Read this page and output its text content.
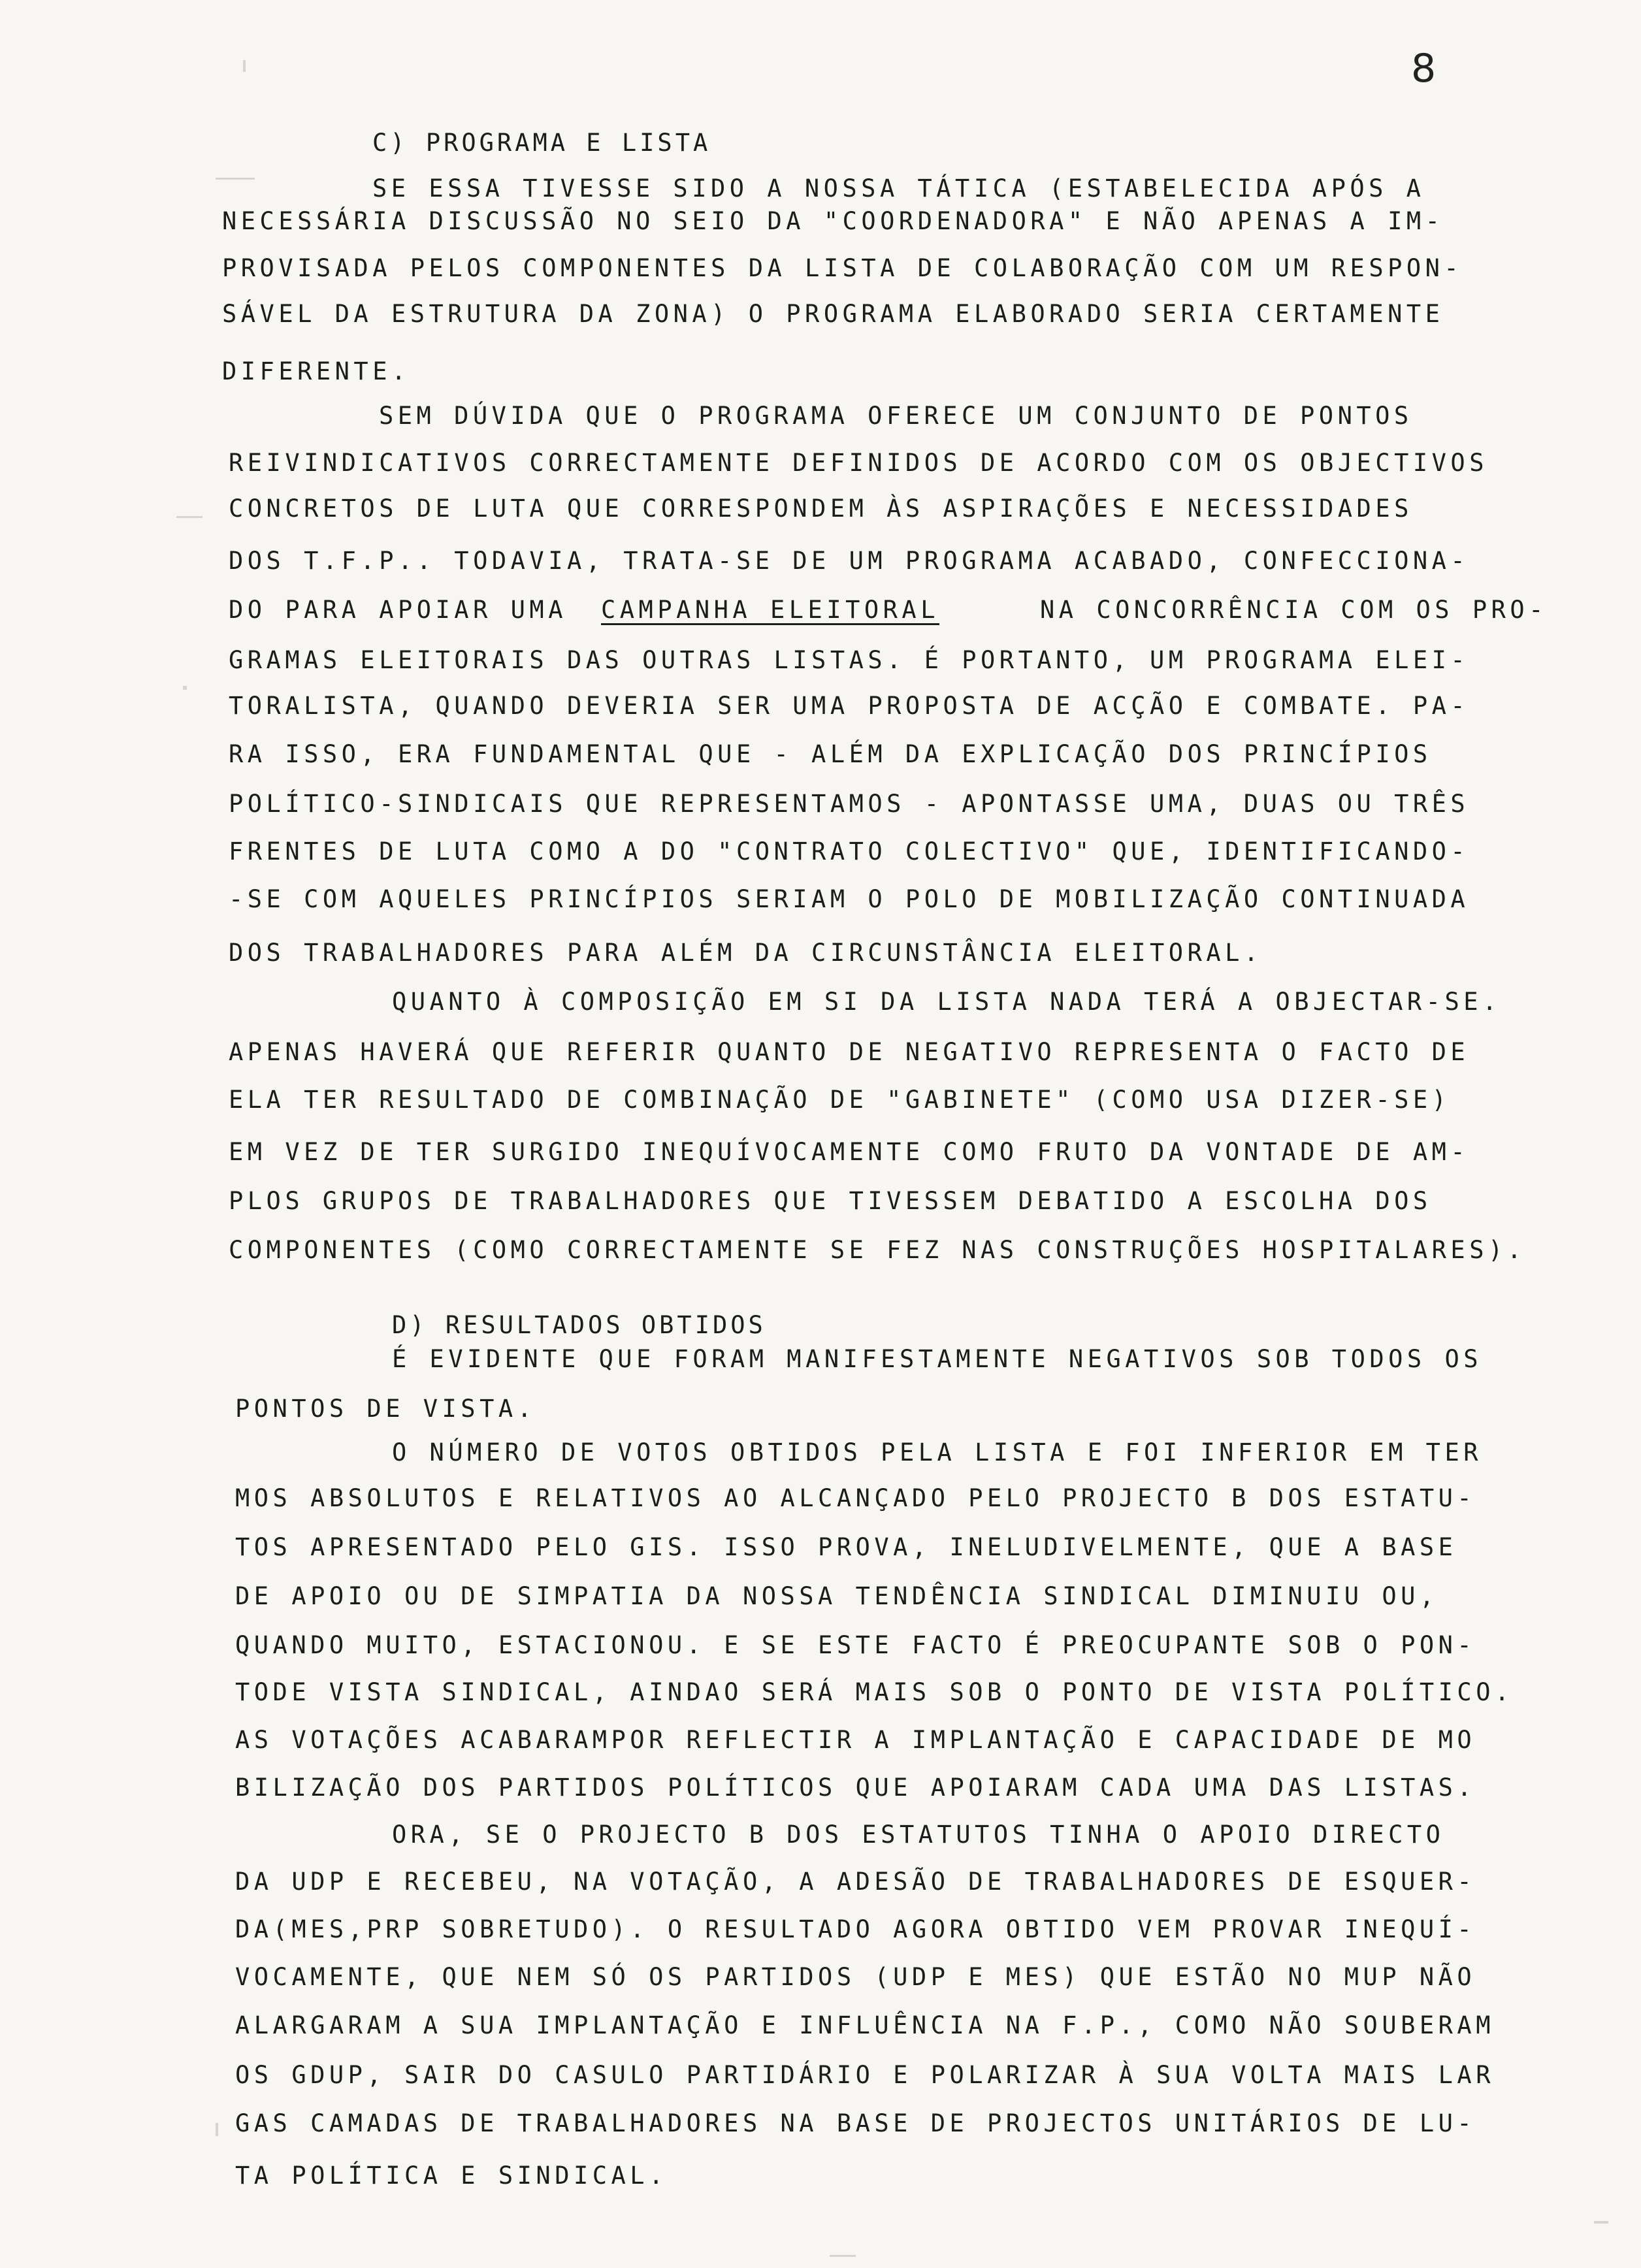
8
C) PROGRAMA E LISTA
SE ESSA TIVESSE SIDO A NOSSA TÁTICA (ESTABELECIDA APÓS A
NECESSÁRIA DISCUSSÃO NO SEIO DA "COORDENADORA" E NÃO APENAS A IM-
PROVISADA PELOS COMPONENTES DA LISTA DE COLABORAÇÃO COM UM RESPON-
SÁVEL DA ESTRUTURA DA ZONA) O PROGRAMA ELABORADO SERIA CERTAMENTE
DIFERENTE.
SEM DÚVIDA QUE O PROGRAMA OFERECE UM CONJUNTO DE PONTOS
REIVINDICATIVOS CORRECTAMENTE DEFINIDOS DE ACORDO COM OS OBJECTIVOS
CONCRETOS DE LUTA QUE CORRESPONDEM ÀS ASPIRAÇÕES E NECESSIDADES
DOS T.F.P.. TODAVIA, TRATA-SE DE UM PROGRAMA ACABADO, CONFECCIONA-
DO PARA APOIAR UMA CAMPANHA ELEITORAL	NA CONCORRÊNCIA COM OS PRO-
GRAMAS ELEITORAIS DAS OUTRAS LISTAS. É PORTANTO, UM PROGRAMA ELEI-
TORALISTA, QUANDO DEVERIA SER UMA PROPOSTA DE ACÇÃO E COMBATE. PA-
RA ISSO, ERA FUNDAMENTAL QUE - ALÉM DA EXPLICAÇÃO DOS PRINCÍPIOS
POLÍTICO-SINDICAIS QUE REPRESENTAMOS - APONTASSE UMA, DUAS OU TRÊS
FRENTES DE LUTA COMO A DO "CONTRATO COLECTIVO" QUE, IDENTIFICANDO-
-SE COM AQUELES PRINCÍPIOS SERIAM O POLO DE MOBILIZAÇÃO CONTINUADA
DOS TRABALHADORES PARA ALÉM DA CIRCUNSTÂNCIA ELEITORAL.
QUANTO À COMPOSIÇÃO EM SI DA LISTA NADA TERÁ A OBJECTAR-SE.
APENAS HAVERÁ QUE REFERIR QUANTO DE NEGATIVO REPRESENTA O FACTO DE
ELA TER RESULTADO DE COMBINAÇÃO DE "GABINETE" (COMO USA DIZER-SE)
EM VEZ DE TER SURGIDO INEQUÍVOCAMENTE COMO FRUTO DA VONTADE DE AM-
PLOS GRUPOS DE TRABALHADORES QUE TIVESSEM DEBATIDO A ESCOLHA DOS
COMPONENTES (COMO CORRECTAMENTE SE FEZ NAS CONSTRUÇÕES HOSPITALARES).
D) RESULTADOS OBTIDOS
É EVIDENTE QUE FORAM MANIFESTAMENTE NEGATIVOS SOB TODOS OS
PONTOS DE VISTA.
O NÚMERO DE VOTOS OBTIDOS PELA LISTA E FOI INFERIOR EM TER
MOS ABSOLUTOS E RELATIVOS AO ALCANÇADO PELO PROJECTO B DOS ESTATU-
TOS APRESENTADO PELO GIS. ISSO PROVA, INELUDIVELMENTE, QUE A BASE
DE APOIO OU DE SIMPATIA DA NOSSA TENDÊNCIA SINDICAL DIMINUIU OU,
QUANDO MUITO, ESTACIONOU. E SE ESTE FACTO É PREOCUPANTE SOB O PON-
TODE VISTA SINDICAL, AINDAO SERÁ MAIS SOB O PONTO DE VISTA POLÍTICO.
AS VOTAÇÕES ACABARAMPOR REFLECTIR A IMPLANTAÇÃO E CAPACIDADE DE MO
BILIZAÇÃO DOS PARTIDOS POLÍTICOS QUE APOIARAM CADA UMA DAS LISTAS.
ORA, SE O PROJECTO B DOS ESTATUTOS TINHA O APOIO DIRECTO
DA UDP E RECEBEU, NA VOTAÇÃO, A ADESÃO DE TRABALHADORES DE ESQUER-
DA(MES,PRP SOBRETUDO). O RESULTADO AGORA OBTIDO VEM PROVAR INEQUÍ-
VOCAMENTE, QUE NEM SÓ OS PARTIDOS (UDP E MES) QUE ESTÃO NO MUP NÃO
ALARGARAM A SUA IMPLANTAÇÃO E INFLUÊNCIA NA F.P., COMO NÃO SOUBERAM
OS GDUP, SAIR DO CASULO PARTIDÁRIO E POLARIZAR À SUA VOLTA MAIS LAR
GAS CAMADAS DE TRABALHADORES NA BASE DE PROJECTOS UNITÁRIOS DE LU-
TA POLÍTICA E SINDICAL.
